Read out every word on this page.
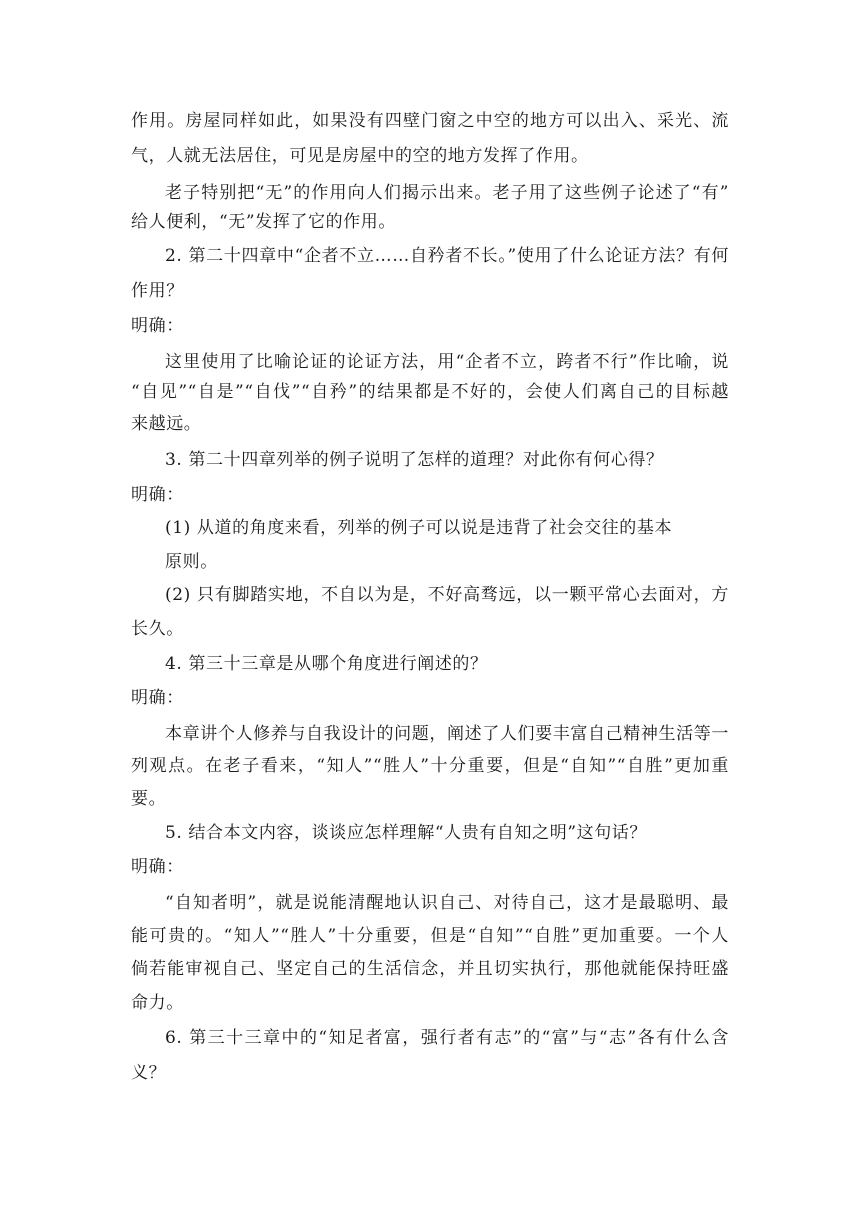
作用。房屋同样如此，如果没有四壁门窗之中空的地方可以出入、采光、流
气，人就无法居住，可见是房屋中的空的地方发挥了作用。
老子特别把“无”的作用向人们揭示出来。老子用了这些例子论述了“有”
给人便利，“无”发挥了它的作用。
2. 第二十四章中“企者不立……自矜者不长。”使用了什么论证方法？有何
作用？
明确：
这里使用了比喻论证的论证方法，用“企者不立，跨者不行”作比喻，说
“自见”“自是”“自伐”“自矜”的结果都是不好的，会使人们离自己的目标越
来越远。
3. 第二十四章列举的例子说明了怎样的道理？对此你有何心得？
明确：
(1) 从道的角度来看，列举的例子可以说是违背了社会交往的基本
原则。
(2) 只有脚踏实地，不自以为是，不好高骛远，以一颗平常心去面对，方
长久。
4. 第三十三章是从哪个角度进行阐述的？
明确：
本章讲个人修养与自我设计的问题，阐述了人们要丰富自己精神生活等一
列观点。在老子看来，“知人”“胜人”十分重要，但是“自知”“自胜”更加重
要。
5. 结合本文内容，谈谈应怎样理解“人贵有自知之明”这句话？
明确：
“自知者明”，就是说能清醒地认识自己、对待自己，这才是最聪明、最
能可贵的。“知人”“胜人”十分重要，但是“自知”“自胜”更加重要。一个人
倘若能审视自己、坚定自己的生活信念，并且切实执行，那他就能保持旺盛
命力。
6. 第三十三章中的“知足者富，强行者有志”的“富”与“志”各有什么含
义？
